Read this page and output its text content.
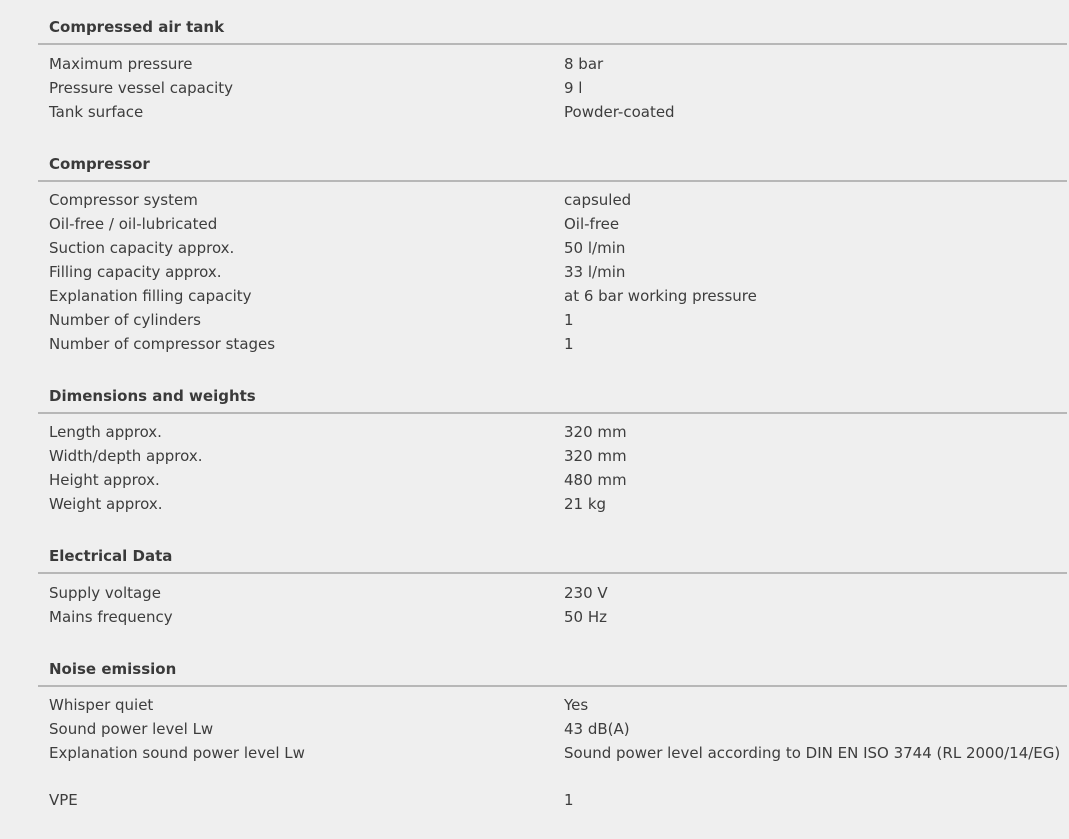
Compressed air tank
Maximum pressure	8 bar
Pressure vessel capacity	9 l
Tank surface	Powder-coated
Compressor
Compressor system	capsuled
Oil-free / oil-lubricated	Oil-free
Suction capacity approx.	50 l/min
Filling capacity approx.	33 l/min
Explanation filling capacity	at 6 bar working pressure
Number of cylinders	1
Number of compressor stages	1
Dimensions and weights
Length approx.	320 mm
Width/depth approx.	320 mm
Height approx.	480 mm
Weight approx.	21 kg
Electrical Data
Supply voltage	230 V
Mains frequency	50 Hz
Noise emission
Whisper quiet	Yes
Sound power level Lw	43 dB(A)
Explanation sound power level Lw	Sound power level according to DIN EN ISO 3744 (RL 2000/14/EG)
VPE	1
